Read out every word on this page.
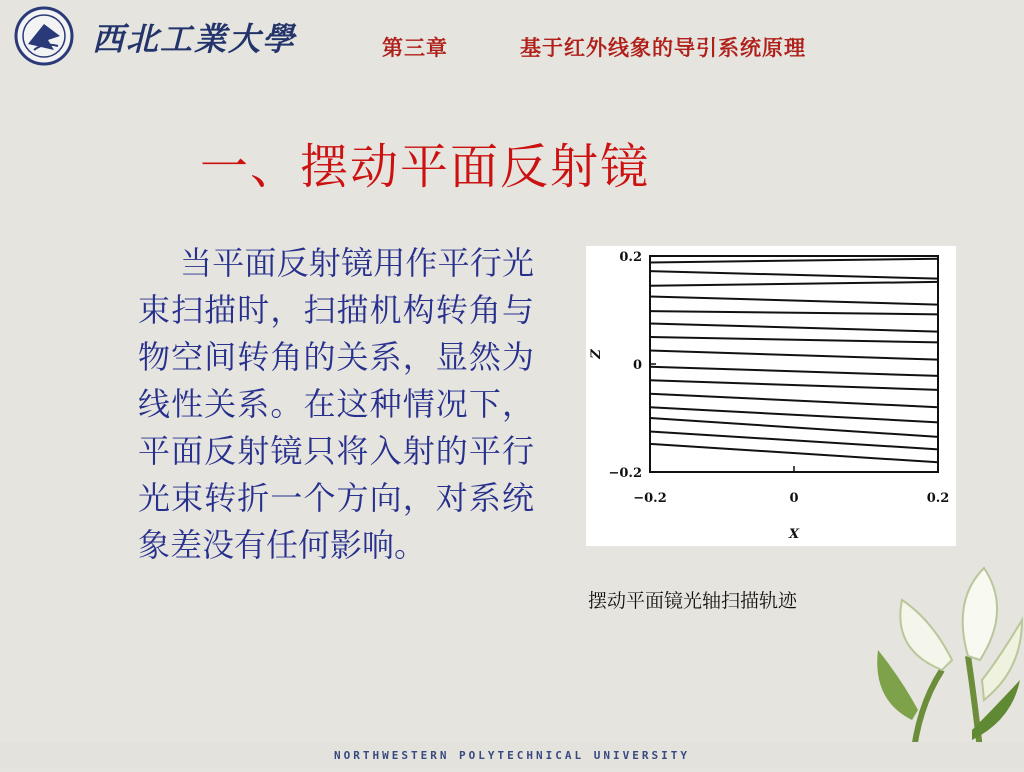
西北工業大學	第三章	基于红外线象的导引系统原理
一、摆动平面反射镜
当平面反射镜用作平行光束扫描时，扫描机构转角与物空间转角的关系，显然为线性关系。在这种情况下，平面反射镜只将入射的平行光束转折一个方向，对系统象差没有任何影响。
0.2
0
−0.2
−0.2	0	0.2
X
Z
摆动平面镜光轴扫描轨迹
NORTHWESTERN POLYTECHNICAL UNIVERSITY
